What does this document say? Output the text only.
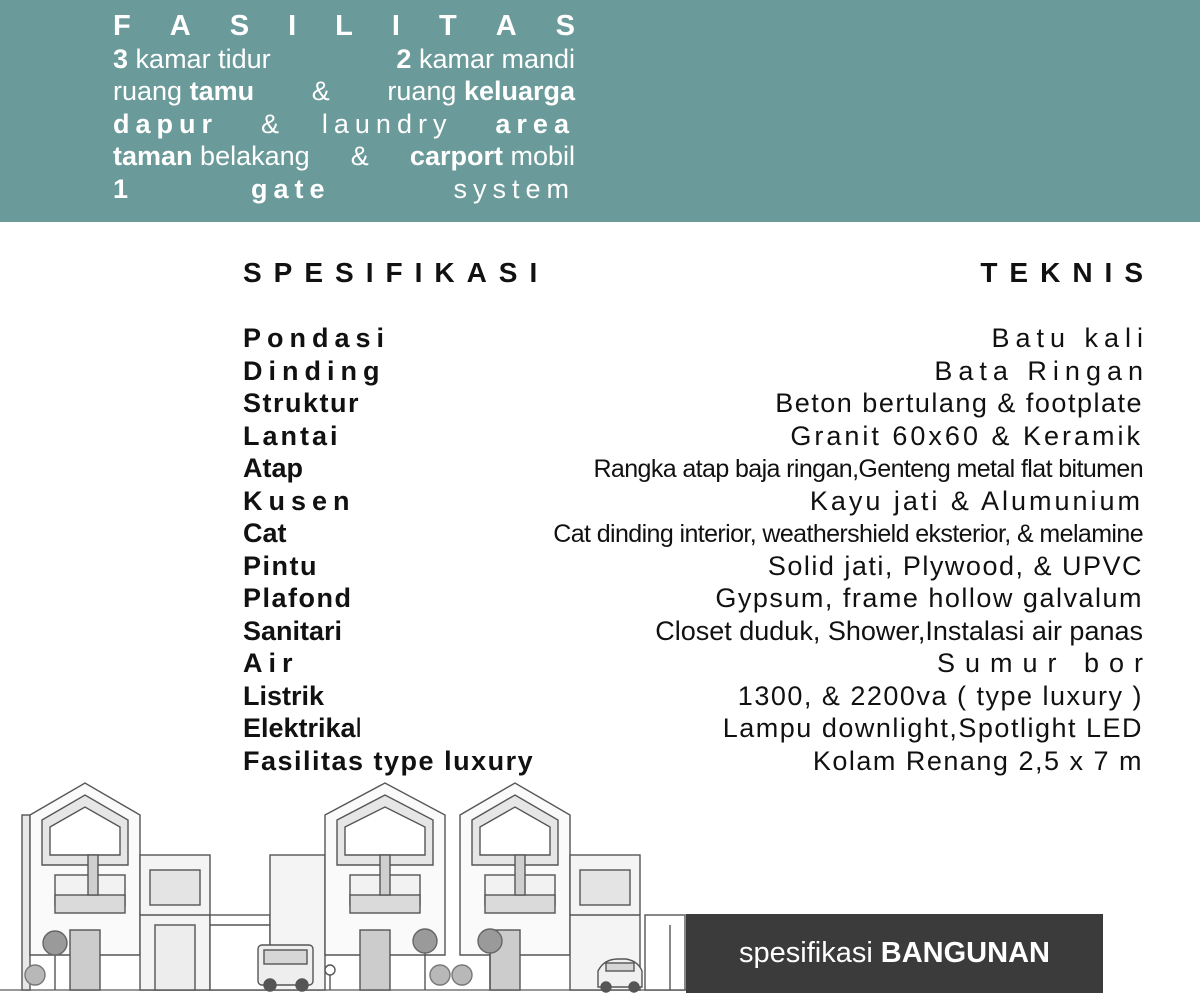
F A S I L I T A S
3 kamar tidur	2 kamar mandi
ruang tamu & ruang keluarga
dapur & laundry area
taman belakang & carport mobil
1	gate	system
SPESIFIKASI	TEKNIS
Pondasi	Batu kali
Dinding	Bata Ringan
Struktur	Beton bertulang & footplate
Lantai	Granit 60x60 & Keramik
Atap	Rangka atap baja ringan,Genteng metal flat bitumen
Kusen	Kayu jati & Alumunium
Cat	Cat dinding interior, weathershield eksterior, & melamine
Pintu	Solid jati, Plywood, & UPVC
Plafond	Gypsum, frame hollow galvalum
Sanitari	Closet duduk, Shower,Instalasi air panas
Air	Sumur bor
Listrik	1300, & 2200va ( type luxury )
Elektrikal	Lampu downlight,Spotlight LED
Fasilitas type luxury	Kolam Renang 2,5 x 7 m
spesifikasi BANGUNAN
